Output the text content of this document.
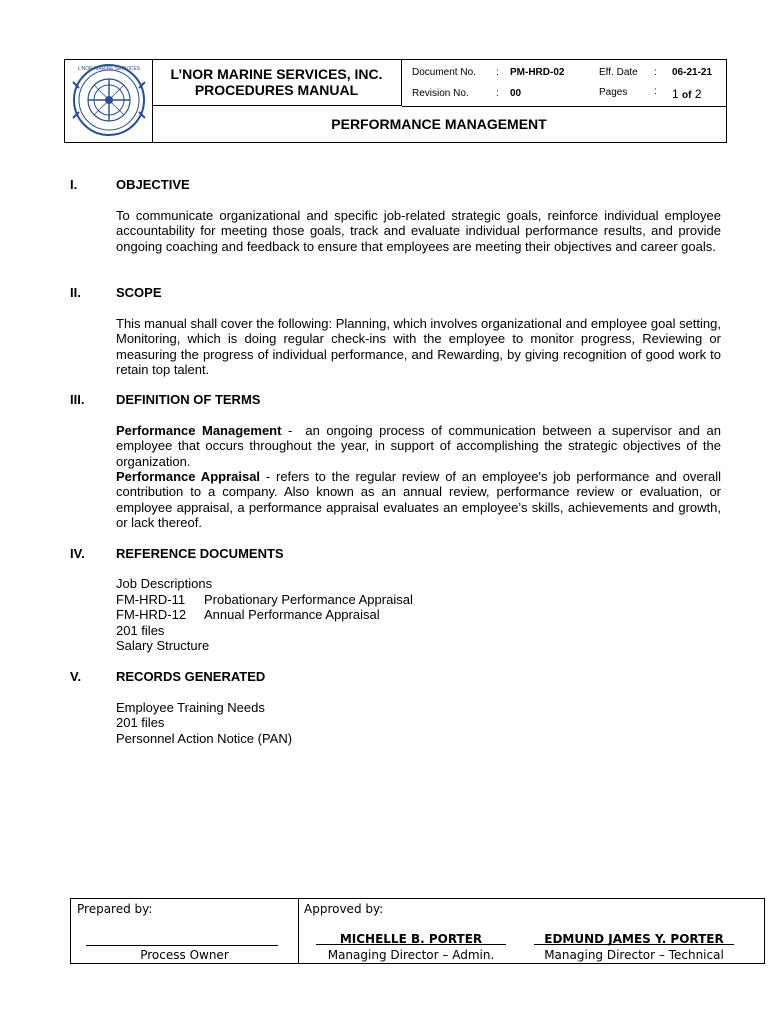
L'NOR MARINE SERVICES	L’NOR MARINE SERVICES, INC.
PROCEDURES MANUAL
Document No. : PM-HRD-02	Eff. Date : 06-21-21
Revision No.	: 00	Pages	: 1 of 2
PERFORMANCE MANAGEMENT
I.	OBJECTIVE
To communicate organizational and specific job-related strategic goals, reinforce individual employee accountability for meeting those goals, track and evaluate individual performance results, and provide ongoing coaching and feedback to ensure that employees are meeting their objectives and career goals.
II.	SCOPE
This manual shall cover the following: Planning, which involves organizational and employee goal setting, Monitoring, which is doing regular check-ins with the employee to monitor progress, Reviewing or measuring the progress of individual performance, and Rewarding, by giving recognition of good work to retain top talent.
III. DEFINITION OF TERMS
Performance Management -  an ongoing process of communication between a supervisor and an employee that occurs throughout the year, in support of accomplishing the strategic objectives of the organization.
Performance Appraisal - refers to the regular review of an employee's job performance and overall contribution to a company. Also known as an annual review, performance review or evaluation, or employee appraisal, a performance appraisal evaluates an employee’s skills, achievements and growth, or lack thereof.
IV. REFERENCE DOCUMENTS
Job Descriptions
FM-HRD-11 Probationary Performance Appraisal
FM-HRD-12 Annual Performance Appraisal
201 files
Salary Structure
V.	RECORDS GENERATED
Employee Training Needs
201 files
Personnel Action Notice (PAN)
Prepared by:
Process Owner
Approved by:
MICHELLE B. PORTER
Managing Director – Admin.
EDMUND JAMES Y. PORTER
Managing Director – Technical
